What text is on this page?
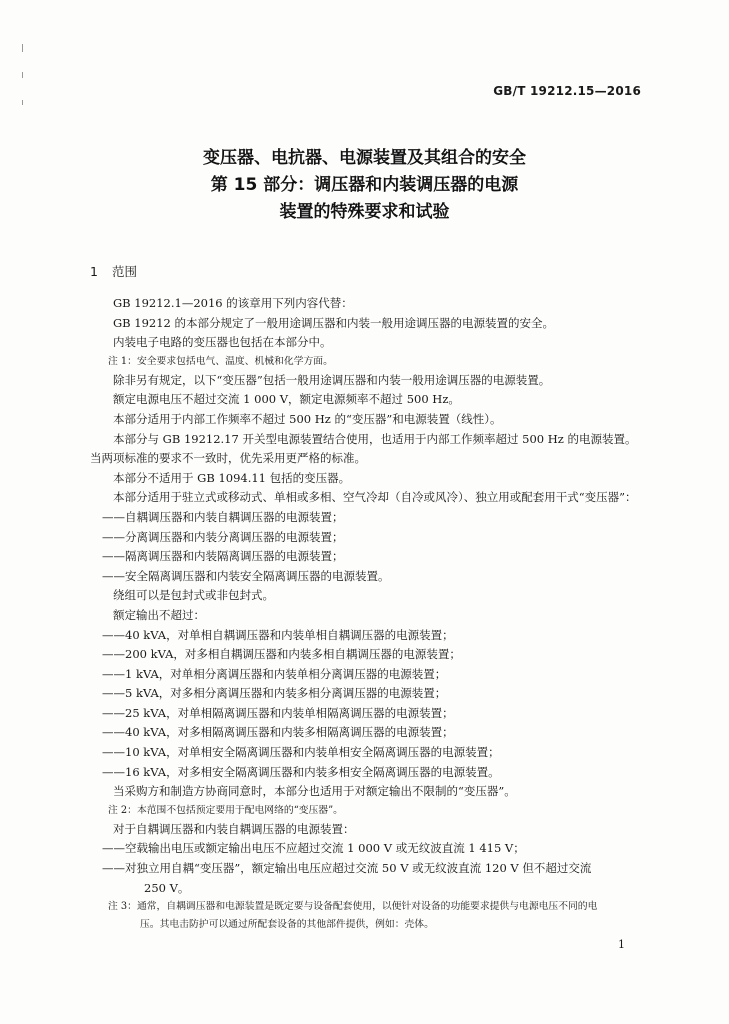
GB/T 19212.15—2016
变压器、电抗器、电源装置及其组合的安全
第 15 部分：调压器和内装调压器的电源
装置的特殊要求和试验
1 范围

GB 19212.1—2016 的该章用下列内容代替：

GB 19212 的本部分规定了一般用途调压器和内装一般用途调压器的电源装置的安全。

内装电子电路的变压器也包括在本部分中。

注 1：安全要求包括电气、温度、机械和化学方面。

除非另有规定，以下“变压器”包括一般用途调压器和内装一般用途调压器的电源装置。

额定电源电压不超过交流 1 000 V，额定电源频率不超过 500 Hz。

本部分适用于内部工作频率不超过 500 Hz 的“变压器”和电源装置（线性）。

本部分与 GB 19212.17 开关型电源装置结合使用，也适用于内部工作频率超过 500 Hz 的电源装置。当两项标准的要求不一致时，优先采用更严格的标准。

本部分不适用于 GB 1094.11 包括的变压器。

本部分适用于驻立式或移动式、单相或多相、空气冷却（自冷或风冷）、独立用或配套用干式“变压器”：

——自耦调压器和内装自耦调压器的电源装置；

——分离调压器和内装分离调压器的电源装置；

——隔离调压器和内装隔离调压器的电源装置；

——安全隔离调压器和内装安全隔离调压器的电源装置。

绕组可以是包封式或非包封式。

额定输出不超过：

——40 kVA，对单相自耦调压器和内装单相自耦调压器的电源装置；

——200 kVA，对多相自耦调压器和内装多相自耦调压器的电源装置；

——1 kVA，对单相分离调压器和内装单相分离调压器的电源装置；

——5 kVA，对多相分离调压器和内装多相分离调压器的电源装置；

——25 kVA，对单相隔离调压器和内装单相隔离调压器的电源装置；

——40 kVA，对多相隔离调压器和内装多相隔离调压器的电源装置；

——10 kVA，对单相安全隔离调压器和内装单相安全隔离调压器的电源装置；

——16 kVA，对多相安全隔离调压器和内装多相安全隔离调压器的电源装置。

当采购方和制造方协商同意时，本部分也适用于对额定输出不限制的“变压器”。

注 2：本范围不包括预定要用于配电网络的“变压器”。

对于自耦调压器和内装自耦调压器的电源装置：

——空载输出电压或额定输出电压不应超过交流 1 000 V 或无纹波直流 1 415 V；

——对独立用自耦“变压器”，额定输出电压应超过交流 50 V 或无纹波直流 120 V 但不超过交流

250 V。

注 3：通常，自耦调压器和电源装置是既定要与设备配套使用，以便针对设备的功能要求提供与电源电压不同的电

压。其电击防护可以通过所配套设备的其他部件提供，例如：壳体。

1
